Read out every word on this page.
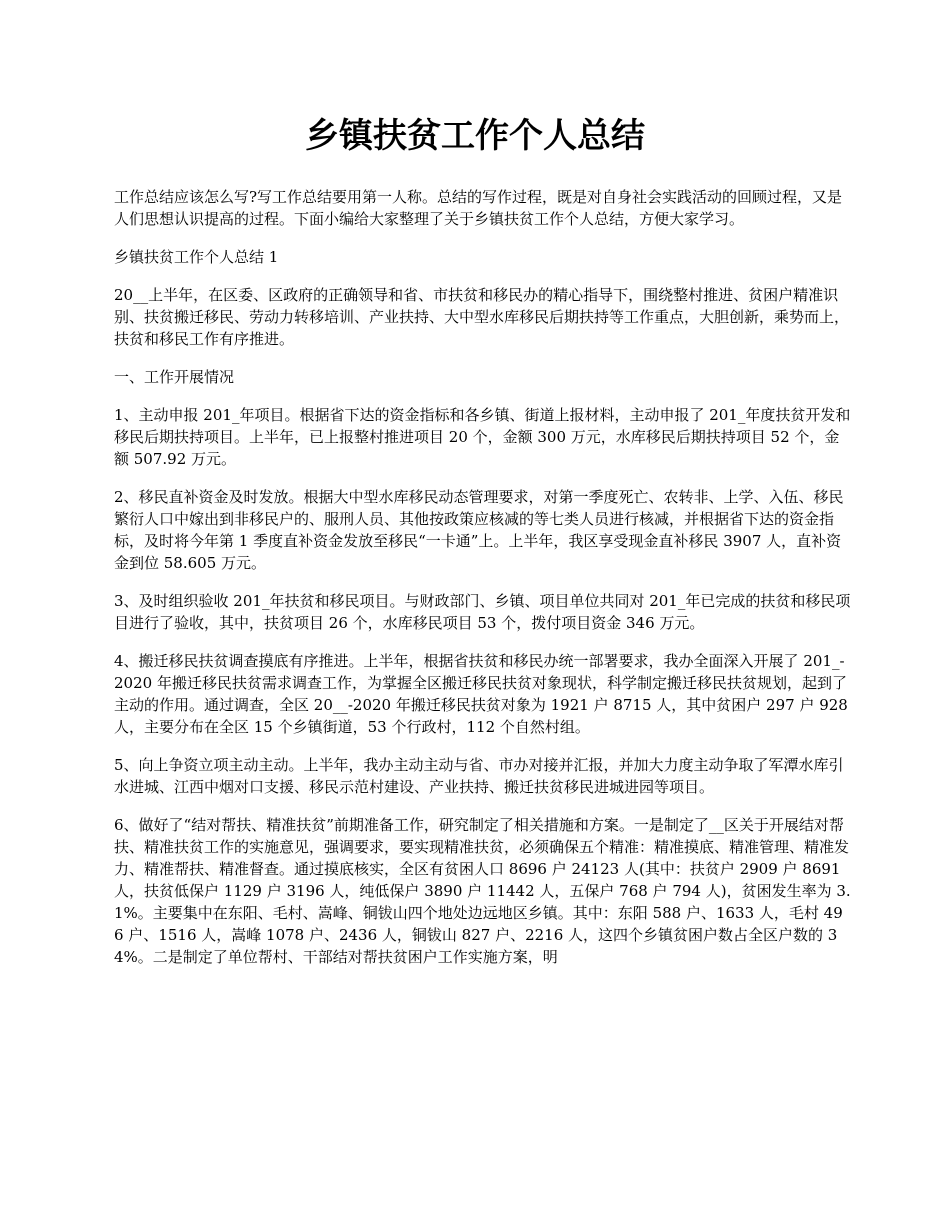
乡镇扶贫工作个人总结

工作总结应该怎么写?写工作总结要用第一人称。总结的写作过程，既是对自身社会实践活动的回顾过程，又是人们思想认识提高的过程。下面小编给大家整理了关于乡镇扶贫工作个人总结，方便大家学习。

乡镇扶贫工作个人总结 1

20__上半年，在区委、区政府的正确领导和省、市扶贫和移民办的精心指导下，围绕整村推进、贫困户精准识别、扶贫搬迁移民、劳动力转移培训、产业扶持、大中型水库移民后期扶持等工作重点，大胆创新，乘势而上，扶贫和移民工作有序推进。

一、工作开展情况

1、主动申报 201_年项目。根据省下达的资金指标和各乡镇、街道上报材料，主动申报了 201_年度扶贫开发和移民后期扶持项目。上半年，已上报整村推进项目 20 个，金额 300 万元，水库移民后期扶持项目 52 个，金额 507.92 万元。

2、移民直补资金及时发放。根据大中型水库移民动态管理要求，对第一季度死亡、农转非、上学、入伍、移民繁衍人口中嫁出到非移民户的、服刑人员、其他按政策应核减的等七类人员进行核减，并根据省下达的资金指标，及时将今年第 1 季度直补资金发放至移民“一卡通”上。上半年，我区享受现金直补移民 3907 人，直补资金到位 58.605 万元。

3、及时组织验收 201_年扶贫和移民项目。与财政部门、乡镇、项目单位共同对 201_年已完成的扶贫和移民项目进行了验收，其中，扶贫项目 26 个，水库移民项目 53 个，拨付项目资金 346 万元。

4、搬迁移民扶贫调查摸底有序推进。上半年，根据省扶贫和移民办统一部署要求，我办全面深入开展了 201_-2020 年搬迁移民扶贫需求调查工作，为掌握全区搬迁移民扶贫对象现状，科学制定搬迁移民扶贫规划，起到了主动的作用。通过调查，全区 20__-2020 年搬迁移民扶贫对象为 1921 户 8715 人，其中贫困户 297 户 928 人，主要分布在全区 15 个乡镇街道，53 个行政村，112 个自然村组。

5、向上争资立项主动主动。上半年，我办主动主动与省、市办对接并汇报，并加大力度主动争取了军潭水库引水进城、江西中烟对口支援、移民示范村建设、产业扶持、搬迁扶贫移民进城进园等项目。

6、做好了“结对帮扶、精准扶贫”前期准备工作，研究制定了相关措施和方案。一是制定了__区关于开展结对帮扶、精准扶贫工作的实施意见，强调要求，要实现精准扶贫，必须确保五个精准：精准摸底、精准管理、精准发力、精准帮扶、精准督查。通过摸底核实，全区有贫困人口 8696 户 24123 人(其中：扶贫户 2909 户 8691 人，扶贫低保户 1129 户 3196 人，纯低保户 3890 户 11442 人，五保户 768 户 794 人)，贫困发生率为 3.1%。主要集中在东阳、毛村、嵩峰、铜钹山四个地处边远地区乡镇。其中：东阳 588 户、1633 人，毛村 496 户、1516 人，嵩峰 1078 户、2436 人，铜钹山 827 户、2216 人，这四个乡镇贫困户数占全区户数的 34%。二是制定了单位帮村、干部结对帮扶贫困户工作实施方案，明
